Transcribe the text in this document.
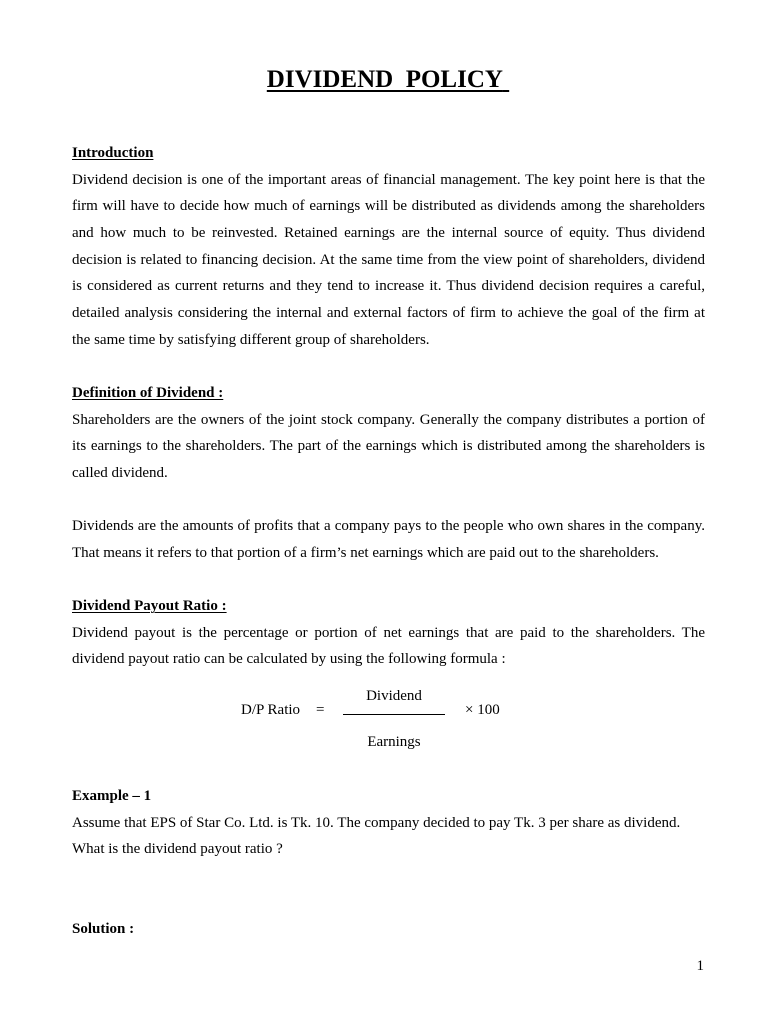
DIVIDEND  POLICY
Introduction
Dividend decision is one of the important areas of financial management. The key point here is that the
firm will have to decide how much of earnings will be distributed as dividends among the shareholders
and how much to be reinvested. Retained earnings are the internal source of equity. Thus dividend
decision is related to financing decision. At the same time from the view point of shareholders, dividend
is considered as current returns and they tend to increase it. Thus dividend decision requires a careful,
detailed analysis considering the internal and external factors of firm to achieve the goal of the firm at
the same time by satisfying different group of shareholders.
Definition of Dividend :
Shareholders are the owners of the joint stock company. Generally the company distributes a portion of
its earnings to the shareholders. The part of the earnings which is distributed among the shareholders is
called dividend.
Dividends are the amounts of profits that a company pays to the people who own shares in the company.
That means it refers to that portion of a firm’s net earnings which are paid out to the shareholders.
Dividend Payout Ratio :
Dividend payout is the percentage or portion of net earnings that are paid to the shareholders. The
dividend payout ratio can be calculated by using the following formula :
D/P Ratio =
Dividend
Earnings
× 100
Example – 1
Assume that EPS of Star Co. Ltd. is Tk. 10. The company decided to pay Tk. 3 per share as dividend.
What is the dividend payout ratio ?
Solution :
1
